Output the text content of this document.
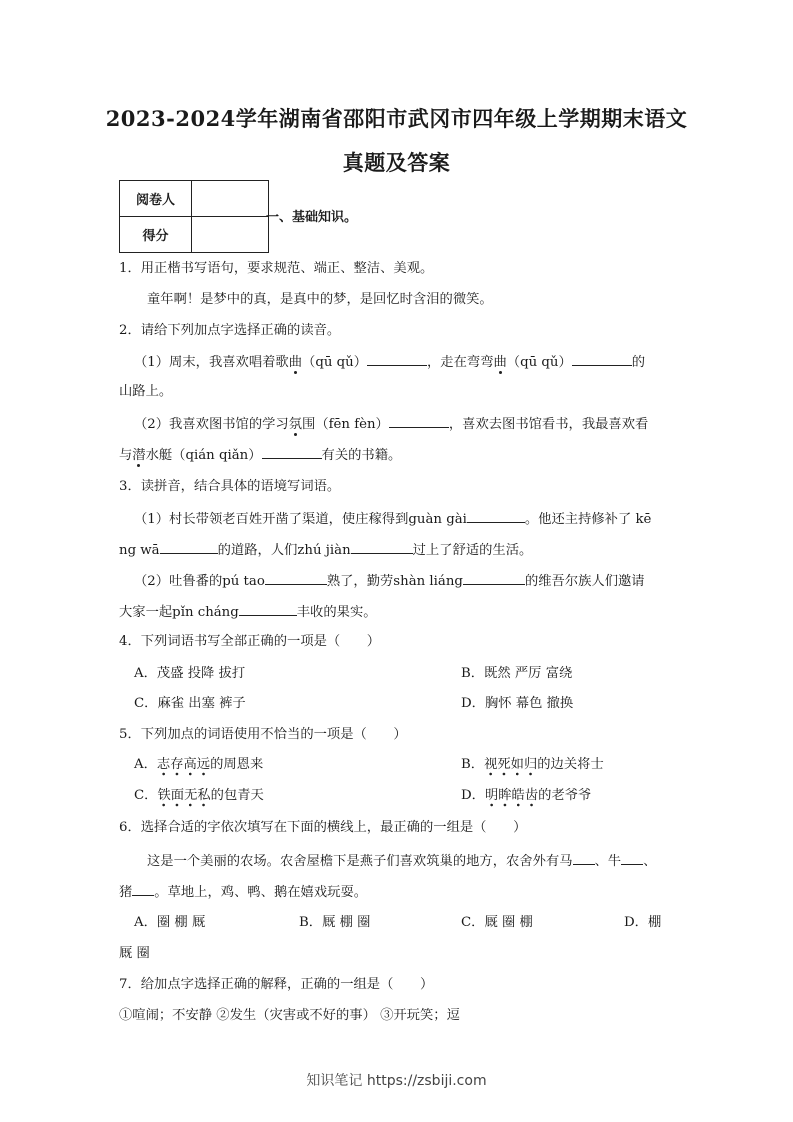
2023-2024学年湖南省邵阳市武冈市四年级上学期期末语文
真题及答案
阅卷人	
得分	
一、基础知识。
1．用正楷书写语句，要求规范、端正、整洁、美观。
童年啊！是梦中的真，是真中的梦，是回忆时含泪的微笑。
2．请给下列加点字选择正确的读音。
（1）周末，我喜欢唱着歌曲（qū qǔ）	，走在弯弯曲（qū qǔ）	的
山路上。
（2）我喜欢图书馆的学习氛围（fēn fèn）	，喜欢去图书馆看书，我最喜欢看
与潜水艇（qián qiǎn）	有关的书籍。
3．读拼音，结合具体的语境写词语。
（1）村长带领老百姓开凿了渠道，使庄稼得到guàn gài	。他还主持修补了 kē
ng wā	的道路，人们zhú jiàn	过上了舒适的生活。
（2）吐鲁番的pú tao	熟了，勤劳shàn liáng	的维吾尔族人们邀请
大家一起pǐn cháng	丰收的果实。
4．下列词语书写全部正确的一项是（　　）
A．茂盛 投降 拔打	B．既然 严厉 富绕
C．麻雀 出塞 裤子	D．胸怀 幕色 撤换
5．下列加点的词语使用不恰当的一项是（　　）
A．志存高远的周恩来	B．视死如归的边关将士
C．铁面无私的包青天	D．明眸皓齿的老爷爷
6．选择合适的字依次填写在下面的横线上，最正确的一组是（　　）
这是一个美丽的农场。农舍屋檐下是燕子们喜欢筑巢的地方，农舍外有马 、牛 、
猪 。草地上，鸡、鸭、鹅在嬉戏玩耍。
A．圈 棚 厩	B．厩 棚 圈	C．厩 圈 棚	D．棚
厩 圈
7．给加点字选择正确的解释，正确的一组是（　　）
①喧闹；不安静 ②发生（灾害或不好的事） ③开玩笑；逗
知识笔记 https://zsbiji.com
